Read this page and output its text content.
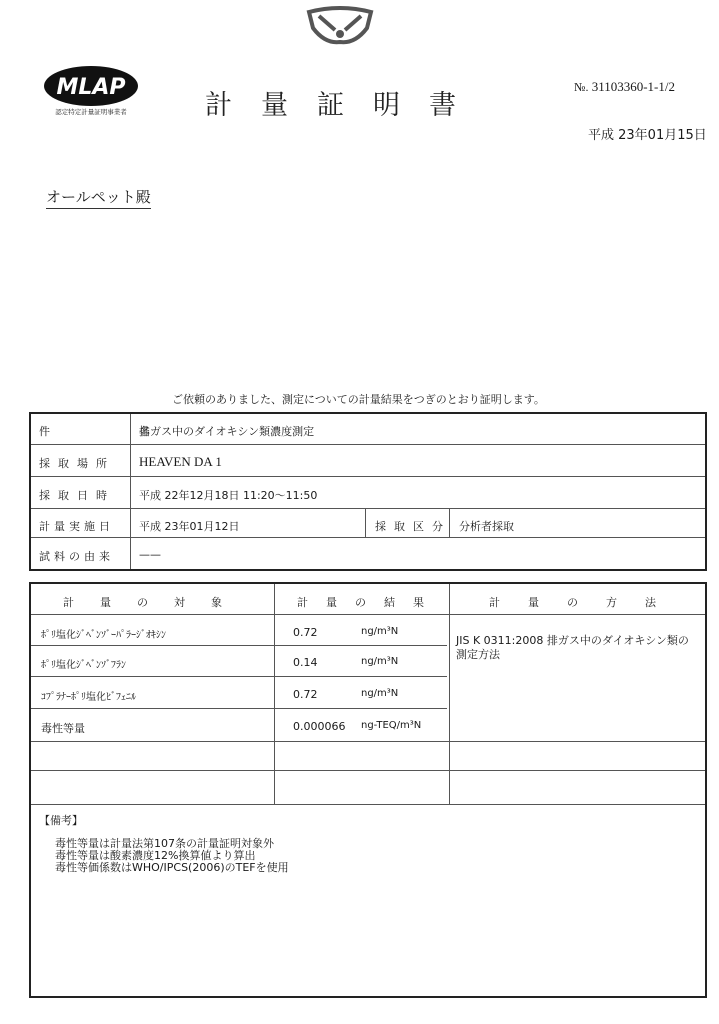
MLAP
認定特定計量証明事業者	計量証明書
№. 31103360-1-1/2
平成 23年01月15日
オールペット殿
ご依頼のありました、測定についての計量結果をつぎのとおり証明します。
件　　　名
排ガス中のダイオキシン類濃度測定
採取場所 HEAVEN DA 1
採取日時 平成 22年12月18日 11:20～11:50
計量実施日 平成 23年01月12日	採取区分 分析者採取
試料の由来 ——
計量の対象	計量の結果	計量の方法
ﾎﾟﾘ塩化ｼﾞﾍﾞﾝｿﾞｰﾊﾟﾗｰｼﾞｵｷｼﾝ	0.72	ng/m³N
ﾎﾟﾘ塩化ｼﾞﾍﾞﾝｿﾞﾌﾗﾝ	0.14	ng/m³N
ｺﾌﾟﾗﾅｰﾎﾟﾘ塩化ﾋﾞﾌｪﾆﾙ	0.72	ng/m³N
毒性等量	0.000066 ng-TEQ/m³N
JIS K 0311:2008 排ガス中のダイオキシン類の測定方法
【備考】
毒性等量は計量法第107条の計量証明対象外
毒性等量は酸素濃度12%換算値より算出
毒性等価係数はWHO/IPCS(2006)のTEFを使用
